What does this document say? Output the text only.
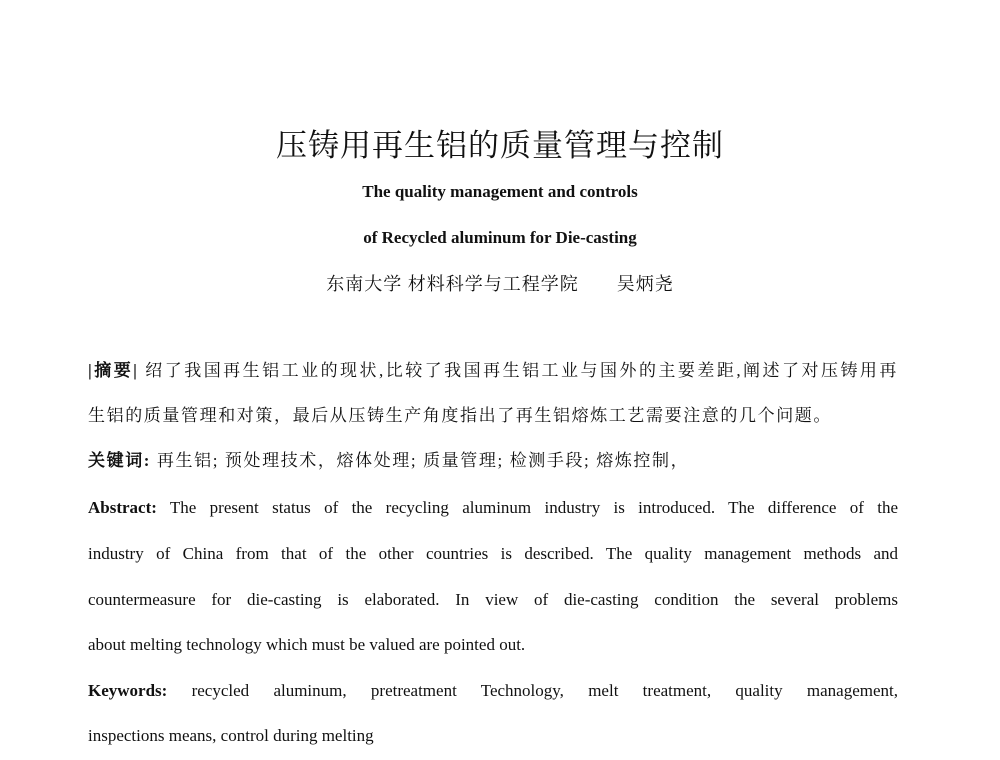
压铸用再生铝的质量管理与控制
The quality management and controls
of Recycled aluminum for Die-casting
东南大学 材料科学与工程学院　　吴炳尧
|摘要| 绍了我国再生铝工业的现状,比较了我国再生铝工业与国外的主要差距,阐述了对压铸用再
生铝的质量管理和对策，最后从压铸生产角度指出了再生铝熔炼工艺需要注意的几个问题。
关键词: 再生铝; 预处理技术，熔体处理; 质量管理; 检测手段; 熔炼控制，
Abstract: The present status of the recycling aluminum industry is introduced. The difference of the
industry of China from that of the other countries is described. The quality management methods and
countermeasure for die-casting is elaborated. In view of die-casting condition the several problems
about melting technology which must be valued are pointed out.
Keywords: recycled aluminum, pretreatment Technology, melt treatment, quality management,
inspections means, control during melting
